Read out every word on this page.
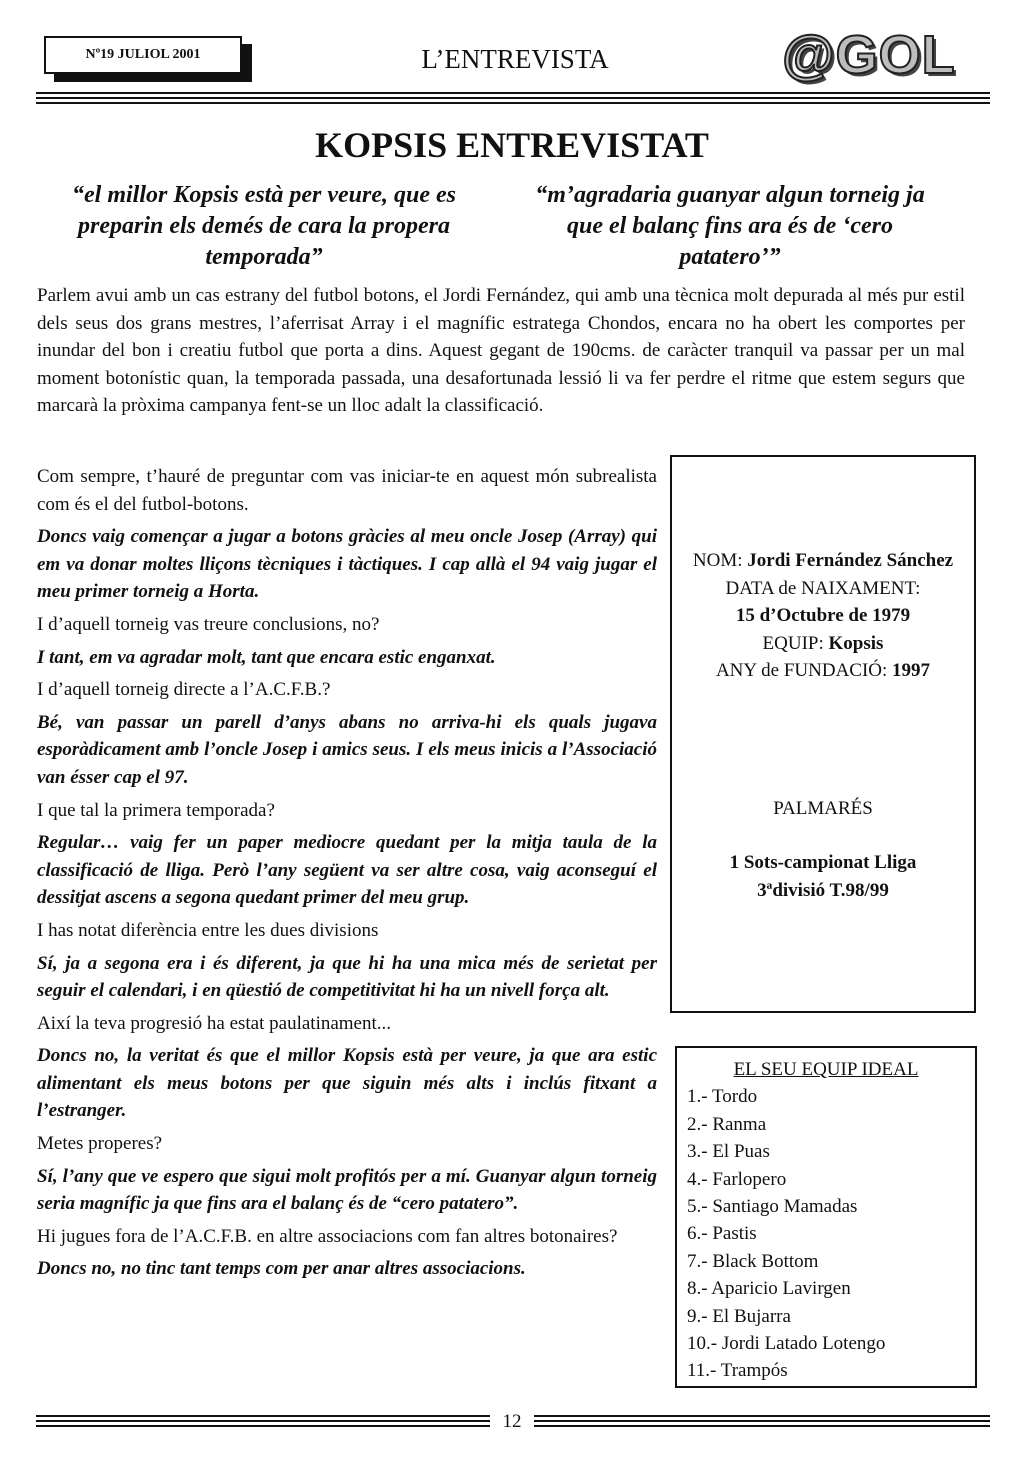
Nº19 JULIOL 2001	L’ENTREVISTA	@GOL
KOPSIS ENTREVISTAT
“el millor Kopsis està per veure, que es preparin els demés de cara la propera temporada”
“m’agradaria guanyar algun torneig ja que el balanç fins ara és de ‘cero patatero’”

Parlem avui amb un cas estrany del futbol botons, el Jordi Fernández, qui amb una tècnica molt depurada al més pur estil dels seus dos grans mestres, l’aferrisat Array i el magnífic estratega Chondos, encara no ha obert les comportes per inundar del bon i creatiu futbol que porta a dins. Aquest gegant de 190cms. de caràcter tranquil va passar per un mal moment botonístic quan, la temporada passada, una desafortunada lessió li va fer perdre el ritme que estem segurs que marcarà la pròxima campanya fent-se un lloc adalt la classificació.

Com sempre, t’hauré de preguntar com vas iniciar-te en aquest món subrealista com és el del futbol-botons.

Doncs vaig començar a jugar a botons gràcies al meu oncle Josep (Array) qui em va donar moltes lliçons tècniques i tàctiques. I cap allà el 94 vaig jugar el meu primer torneig a Horta.

I d’aquell torneig vas treure conclusions, no?

I tant, em va agradar molt, tant que encara estic enganxat.

I d’aquell torneig directe a l’A.C.F.B.?

Bé, van passar un parell d’anys abans no arriva-hi els quals jugava esporàdicament amb l’oncle Josep i amics seus. I els meus inicis a l’Associació van ésser cap el 97.

I que tal la primera temporada?

Regular… vaig fer un paper mediocre quedant per la mitja taula de la classificació de lliga. Però l’any següent va ser altre cosa, vaig aconseguí el dessitjat ascens a segona quedant primer del meu grup.

I has notat diferència entre les dues divisions

Sí, ja a segona era i és diferent, ja que hi ha una mica més de serietat per seguir el calendari, i en qüestió de competitivitat hi ha un nivell força alt.

Així la teva progresió ha estat paulatinament...

Doncs no, la veritat és que el millor Kopsis està per veure, ja que ara estic alimentant els meus botons per que siguin més alts i inclús fitxant a l’estranger.

Metes properes?

Sí, l’any que ve espero que sigui molt profitós per a mí. Guanyar algun torneig seria magnífic ja que fins ara el balanç és de “cero patatero”.

Hi jugues fora de l’A.C.F.B. en altre associacions com fan altres botonaires?

Doncs no, no tinc tant temps com per anar altres associacions.

NOM: Jordi Fernández Sánchez
DATA de NAIXAMENT:
15 d’Octubre de 1979
EQUIP: Kopsis
ANY de FUNDACIÓ: 1997
PALMARÉS
1 Sots-campionat Lliga
3ªdivisió T.98/99
EL SEU EQUIP IDEAL
1.- Tordo
2.- Ranma
3.- El Puas
4.- Farlopero
5.- Santiago Mamadas
6.- Pastis
7.- Black Bottom
8.- Aparicio Lavirgen
9.- El Bujarra
10.- Jordi Latado Lotengo
11.- Trampós
12
